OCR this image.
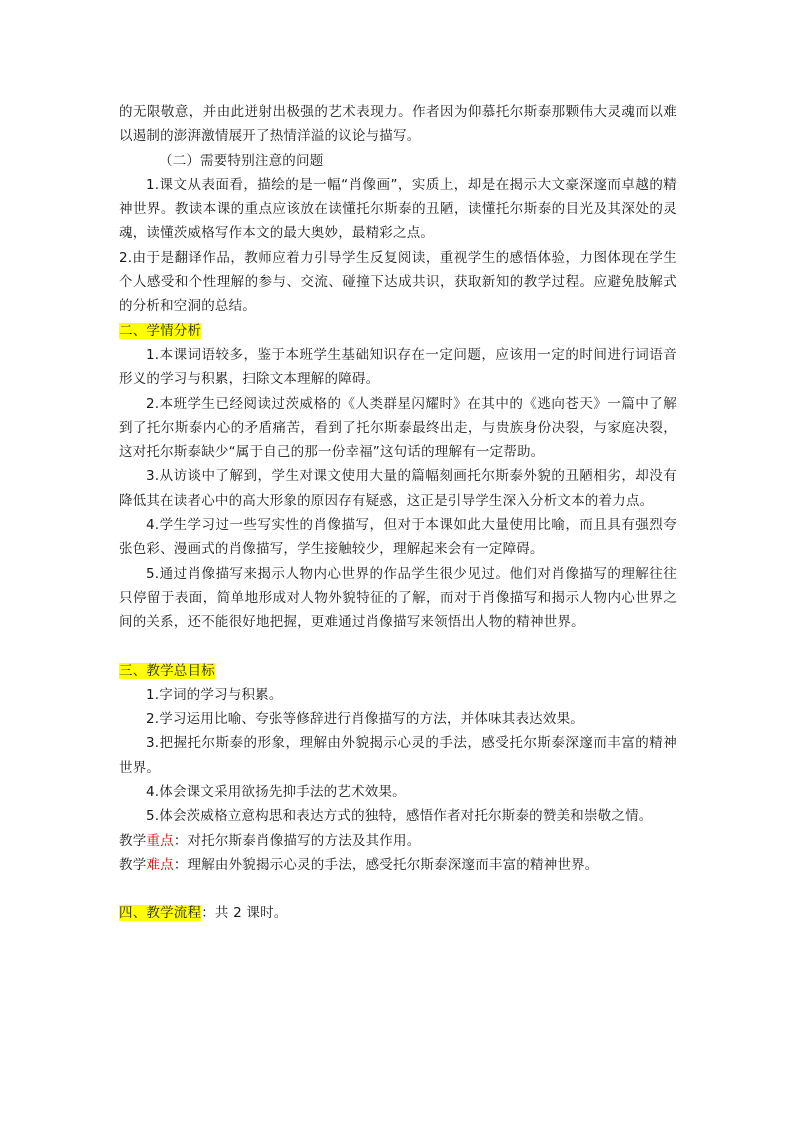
的无限敬意，并由此迸射出极强的艺术表现力。作者因为仰慕托尔斯泰那颗伟大灵魂而以难以遏制的澎湃激情展开了热情洋溢的议论与描写。

（二）需要特别注意的问题

1.课文从表面看，描绘的是一幅“肖像画”，实质上，却是在揭示大文豪深邃而卓越的精神世界。教读本课的重点应该放在读懂托尔斯泰的丑陋，读懂托尔斯泰的目光及其深处的灵魂，读懂茨威格写作本文的最大奥妙，最精彩之点。

2.由于是翻译作品，教师应着力引导学生反复阅读，重视学生的感悟体验，力图体现在学生个人感受和个性理解的参与、交流、碰撞下达成共识，获取新知的教学过程。应避免肢解式的分析和空洞的总结。

二、学情分析

1.本课词语较多，鉴于本班学生基础知识存在一定问题，应该用一定的时间进行词语音形义的学习与积累，扫除文本理解的障碍。

2.本班学生已经阅读过茨威格的《人类群星闪耀时》在其中的《逃向苍天》一篇中了解到了托尔斯泰内心的矛盾痛苦，看到了托尔斯泰最终出走，与贵族身份决裂，与家庭决裂，这对托尔斯泰缺少“属于自己的那一份幸福”这句话的理解有一定帮助。

3.从访谈中了解到，学生对课文使用大量的篇幅刻画托尔斯泰外貌的丑陋相劣，却没有降低其在读者心中的高大形象的原因存有疑惑，这正是引导学生深入分析文本的着力点。

4.学生学习过一些写实性的肖像描写，但对于本课如此大量使用比喻，而且具有强烈夸张色彩、漫画式的肖像描写，学生接触较少，理解起来会有一定障碍。

5.通过肖像描写来揭示人物内心世界的作品学生很少见过。他们对肖像描写的理解往往只停留于表面，简单地形成对人物外貌特征的了解，而对于肖像描写和揭示人物内心世界之间的关系，还不能很好地把握，更难通过肖像描写来领悟出人物的精神世界。

三、教学总目标

1.字词的学习与积累。

2.学习运用比喻、夸张等修辞进行肖像描写的方法，并体味其表达效果。

3.把握托尔斯泰的形象，理解由外貌揭示心灵的手法，感受托尔斯泰深邃而丰富的精神世界。

4.体会课文采用欲扬先抑手法的艺术效果。

5.体会茨威格立意构思和表达方式的独特，感悟作者对托尔斯泰的赞美和崇敬之情。

教学重点：对托尔斯泰肖像描写的方法及其作用。

教学难点：理解由外貌揭示心灵的手法，感受托尔斯泰深邃而丰富的精神世界。

四、教学流程：共 2 课时。
